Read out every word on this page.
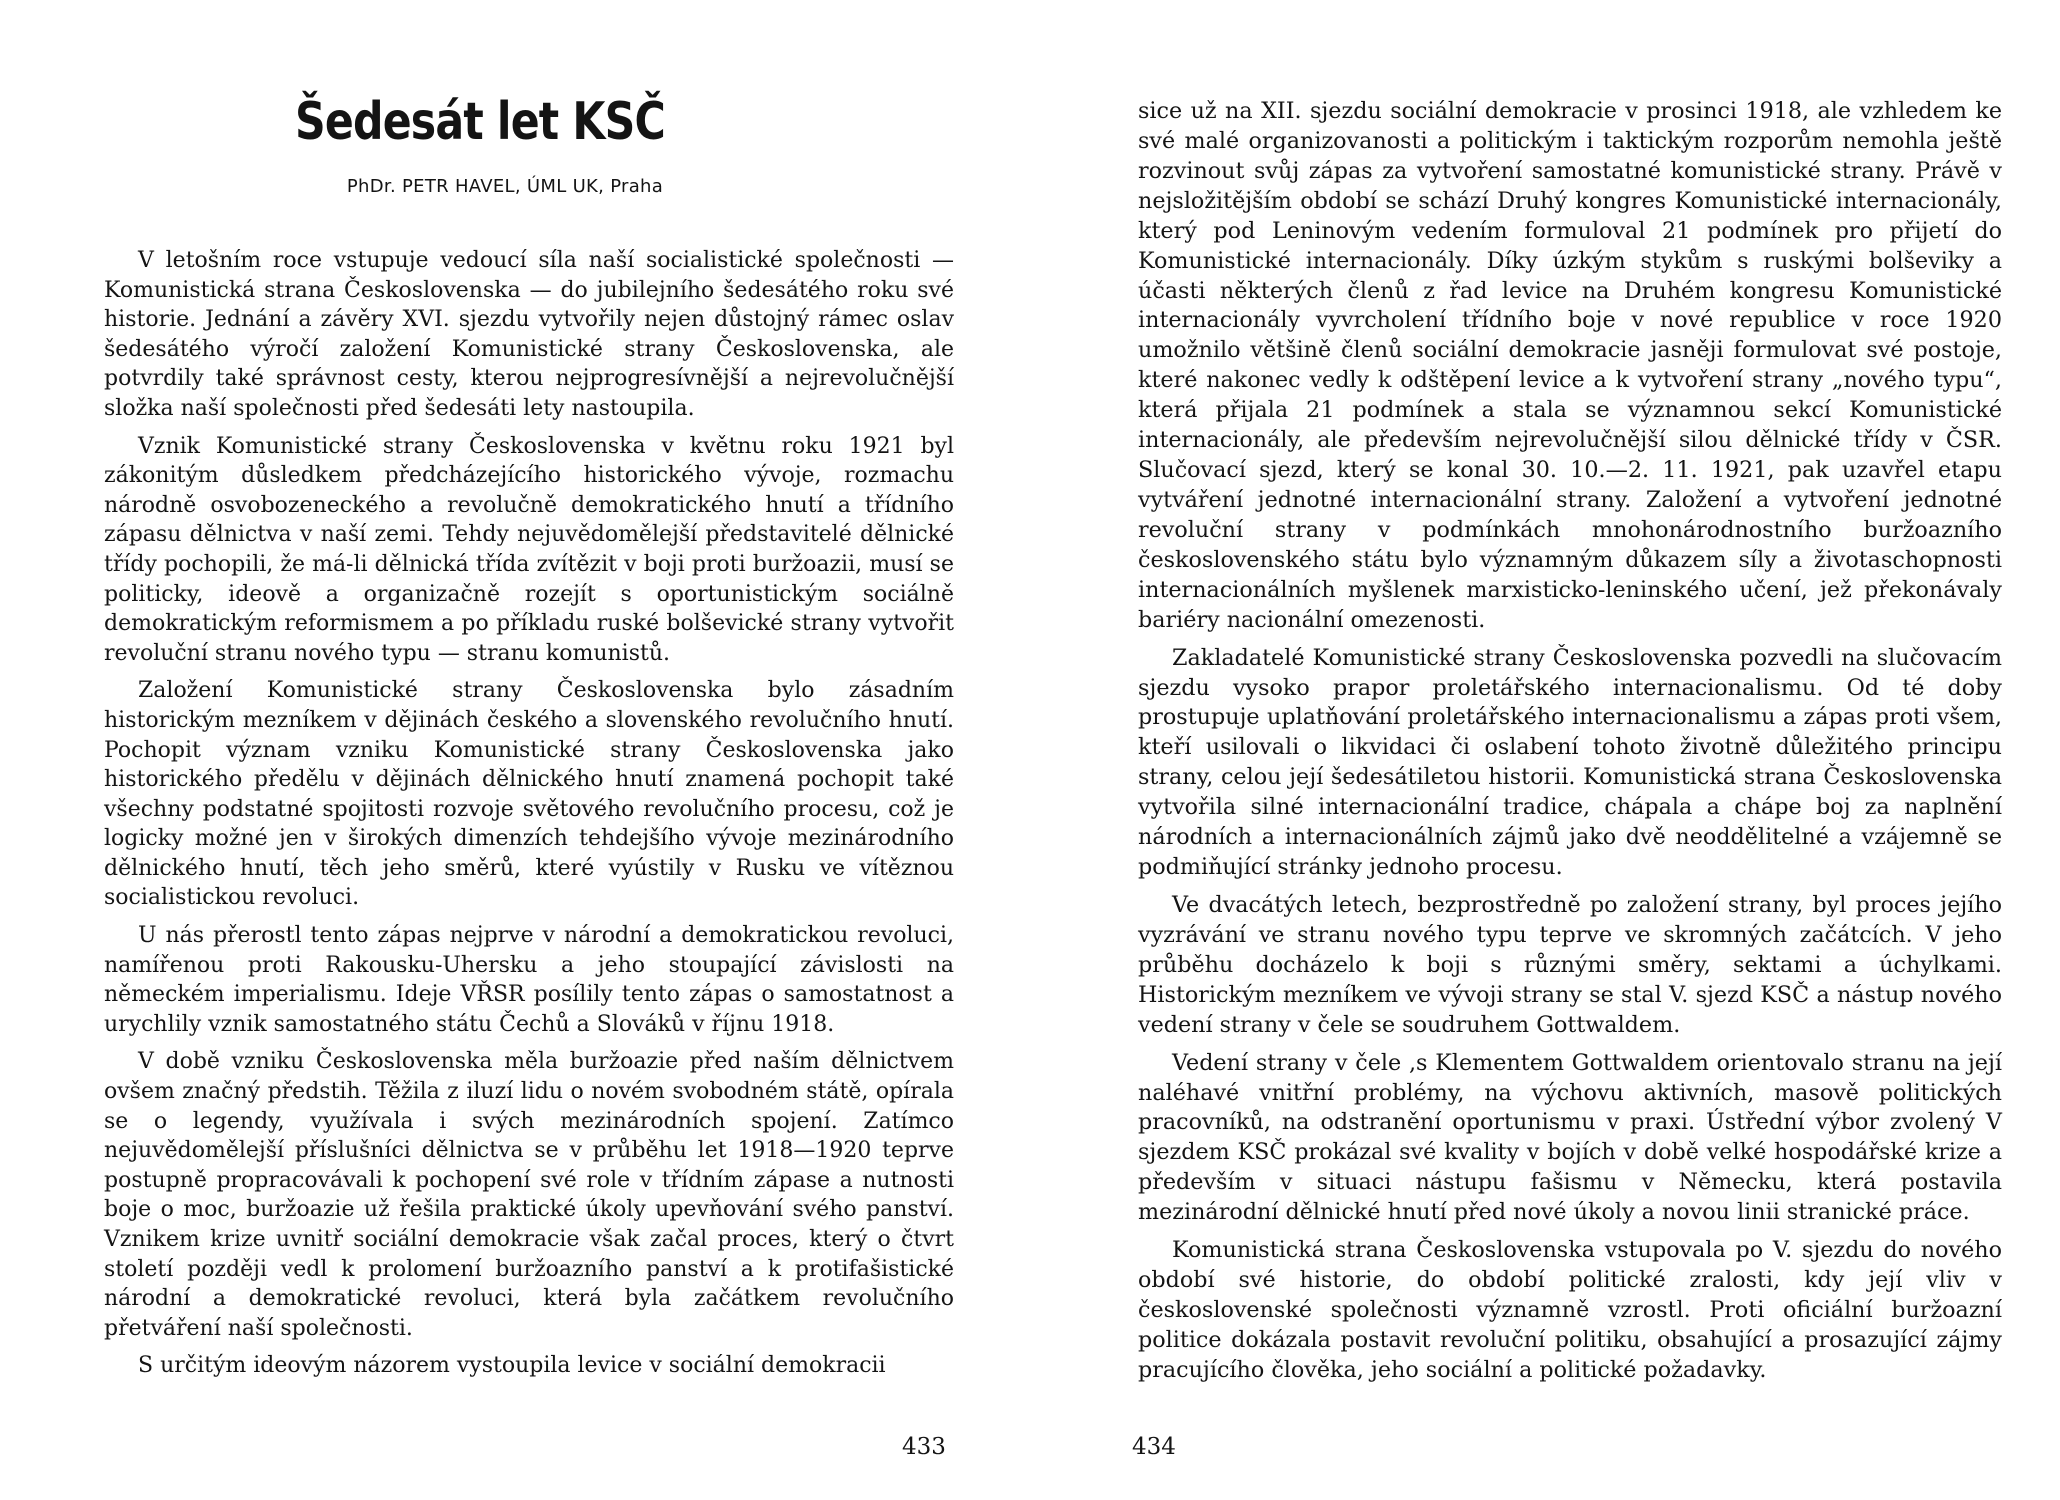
Šedesát let KSČ
PhDr. PETR HAVEL, ÚML UK, Praha

V letošním roce vstupuje vedoucí síla naší socialistické společnosti — Komunistická strana Československa — do jubilejního šedesátého roku své historie. Jednání a závěry XVI. sjezdu vytvořily nejen důstojný rámec oslav šedesátého výročí založení Komunistické strany Československa, ale potvrdily také správnost cesty, kterou nejprogresívnější a nejrevolučnější složka naší společnosti před šedesáti lety nastoupila.

Vznik Komunistické strany Československa v květnu roku 1921 byl zákonitým důsledkem předcházejícího historického vývoje, rozmachu národně osvobozeneckého a revolučně demokratického hnutí a třídního zápasu dělnictva v naší zemi. Tehdy nejuvědomělejší představitelé dělnické třídy pochopili, že má-li dělnická třída zvítězit v boji proti buržoazii, musí se politicky, ideově a organizačně rozejít s oportunistickým sociálně demokratickým reformismem a po příkladu ruské bolševické strany vytvořit revoluční stranu nového typu — stranu komunistů.

Založení Komunistické strany Československa bylo zásadním historickým mezníkem v dějinách českého a slovenského revolučního hnutí. Pochopit význam vzniku Komunistické strany Československa jako historického předělu v dějinách dělnického hnutí znamená pochopit také všechny podstatné spojitosti rozvoje světového revolučního procesu, což je logicky možné jen v širokých dimenzích tehdejšího vývoje mezinárodního dělnického hnutí, těch jeho směrů, které vyústily v Rusku ve vítěznou socialistickou revoluci.

U nás přerostl tento zápas nejprve v národní a demokratickou revoluci, namířenou proti Rakousku-Uhersku a jeho stoupající závislosti na německém imperialismu. Ideje VŘSR posílily tento zápas o samostatnost a urychlily vznik samostatného státu Čechů a Slováků v říjnu 1918.

V době vzniku Československa měla buržoazie před naším dělnictvem ovšem značný předstih. Těžila z iluzí lidu o novém svobodném státě, opírala se o legendy, využívala i svých mezinárodních spojení. Zatímco nejuvědomělejší příslušníci dělnictva se v průběhu let 1918—1920 teprve postupně propracovávali k pochopení své role v třídním zápase a nutnosti boje o moc, buržoazie už řešila praktické úkoly upevňování svého panství. Vznikem krize uvnitř sociální demokracie však začal proces, který o čtvrt století později vedl k prolomení buržoazního panství a k protifašistické národní a demokratické revoluci, která byla začátkem revolučního přetváření naší společnosti.

S určitým ideovým názorem vystoupila levice v sociální demokracii

433

sice už na XII. sjezdu sociální demokracie v prosinci 1918, ale vzhledem ke své malé organizovanosti a politickým i taktickým rozporům nemohla ještě rozvinout svůj zápas za vytvoření samostatné komunistické strany. Právě v nejsložitějším období se schází Druhý kongres Komunistické internacionály, který pod Leninovým vedením formuloval 21 podmínek pro přijetí do Komunistické internacionály. Díky úzkým stykům s ruskými bolševiky a účasti některých členů z řad levice na Druhém kongresu Komunistické internacionály vyvrcholení třídního boje v nové republice v roce 1920 umožnilo většině členů sociální demokracie jasněji formulovat své postoje, které nakonec vedly k odštěpení levice a k vytvoření strany „nového typu“, která přijala 21 podmínek a stala se významnou sekcí Komunistické internacionály, ale především nejrevolučnější silou dělnické třídy v ČSR. Slučovací sjezd, který se konal 30. 10.—2. 11. 1921, pak uzavřel etapu vytváření jednotné internacionální strany. Založení a vytvoření jednotné revoluční strany v podmínkách mnohonárodnostního buržoazního československého státu bylo významným důkazem síly a životaschopnosti internacionálních myšlenek marxisticko-leninského učení, jež překonávaly bariéry nacionální omezenosti.

Zakladatelé Komunistické strany Československa pozvedli na slučovacím sjezdu vysoko prapor proletářského internacionalismu. Od té doby prostupuje uplatňování proletářského internacionalismu a zápas proti všem, kteří usilovali o likvidaci či oslabení tohoto životně důležitého principu strany, celou její šedesátiletou historii. Komunistická strana Československa vytvořila silné internacionální tradice, chápala a chápe boj za naplnění národních a internacionálních zájmů jako dvě neoddělitelné a vzájemně se podmiňující stránky jednoho procesu.

Ve dvacátých letech, bezprostředně po založení strany, byl proces jejího vyzrávání ve stranu nového typu teprve ve skromných začátcích. V jeho průběhu docházelo k boji s různými směry, sektami a úchylkami. Historickým mezníkem ve vývoji strany se stal V. sjezd KSČ a nástup nového vedení strany v čele se soudruhem Gottwaldem.

Vedení strany v čele ,s Klementem Gottwaldem orientovalo stranu na její naléhavé vnitřní problémy, na výchovu aktivních, masově politických pracovníků, na odstranění oportunismu v praxi. Ústřední výbor zvolený V sjezdem KSČ prokázal své kvality v bojích v době velké hospodářské krize a především v situaci nástupu fašismu v Německu, která postavila mezinárodní dělnické hnutí před nové úkoly a novou linii stranické práce.

Komunistická strana Československa vstupovala po V. sjezdu do nového období své historie, do období politické zralosti, kdy její vliv v československé společnosti významně vzrostl. Proti oficiální buržoazní politice dokázala postavit revoluční politiku, obsahující a prosazující zájmy pracujícího člověka, jeho sociální a politické požadavky.

434
